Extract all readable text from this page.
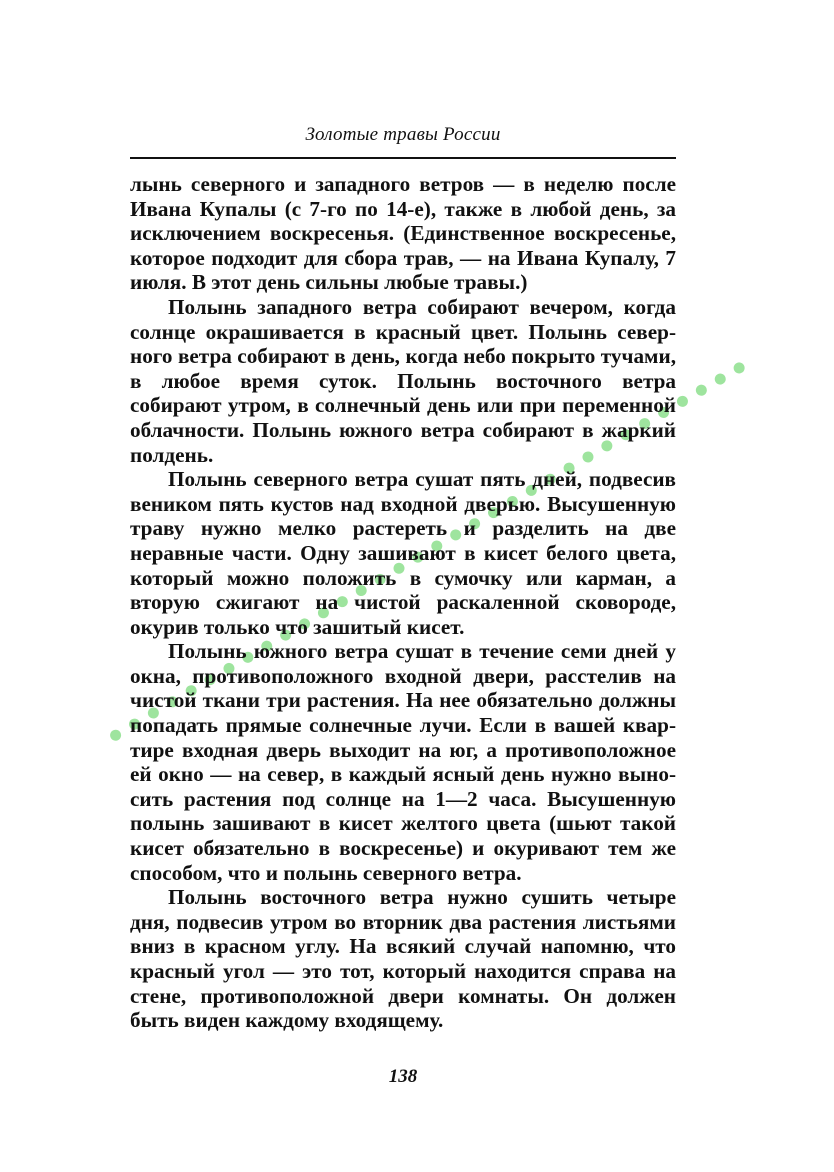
Золотые травы России

лынь северного и западного ветров — в неделю после Ивана Купалы (с 7-го по 14-е), также в любой день, за исключением воскресенья. (Единственное воскресенье, которое подходит для сбора трав, — на Ивана Купалу, 7 июля. В этот день сильны любые травы.)

Полынь западного ветра собирают вечером, когда солнце окрашивается в красный цвет. Полынь северного ветра собирают в день, когда небо покрыто тучами, в любое время суток. Полынь восточного ветра собирают утром, в солнечный день или при переменной облачности. Полынь южного ветра собирают в жаркий полдень.

Полынь северного ветра сушат пять дней, подвесив веником пять кустов над входной дверью. Высушенную траву нужно мелко растереть и разделить на две неравные части. Одну зашивают в кисет белого цвета, который можно положить в сумочку или карман, а вторую сжигают на чистой раскаленной сковороде, окурив только что зашитый кисет.

Полынь южного ветра сушат в течение семи дней у окна, противоположного входной двери, расстелив на чистой ткани три растения. На нее обязательно должны попадать прямые солнечные лучи. Если в вашей квартире входная дверь выходит на юг, а противоположное ей окно — на север, в каждый ясный день нужно выносить растения под солнце на 1—2 часа. Высушенную полынь зашивают в кисет желтого цвета (шьют такой кисет обязательно в воскресенье) и окуривают тем же способом, что и полынь северного ветра.

Полынь восточного ветра нужно сушить четыре дня, подвесив утром во вторник два растения листьями вниз в красном углу. На всякий случай напомню, что красный угол — это тот, который находится справа на стене, противоположной двери комнаты. Он должен быть виден каждому входящему.

138
